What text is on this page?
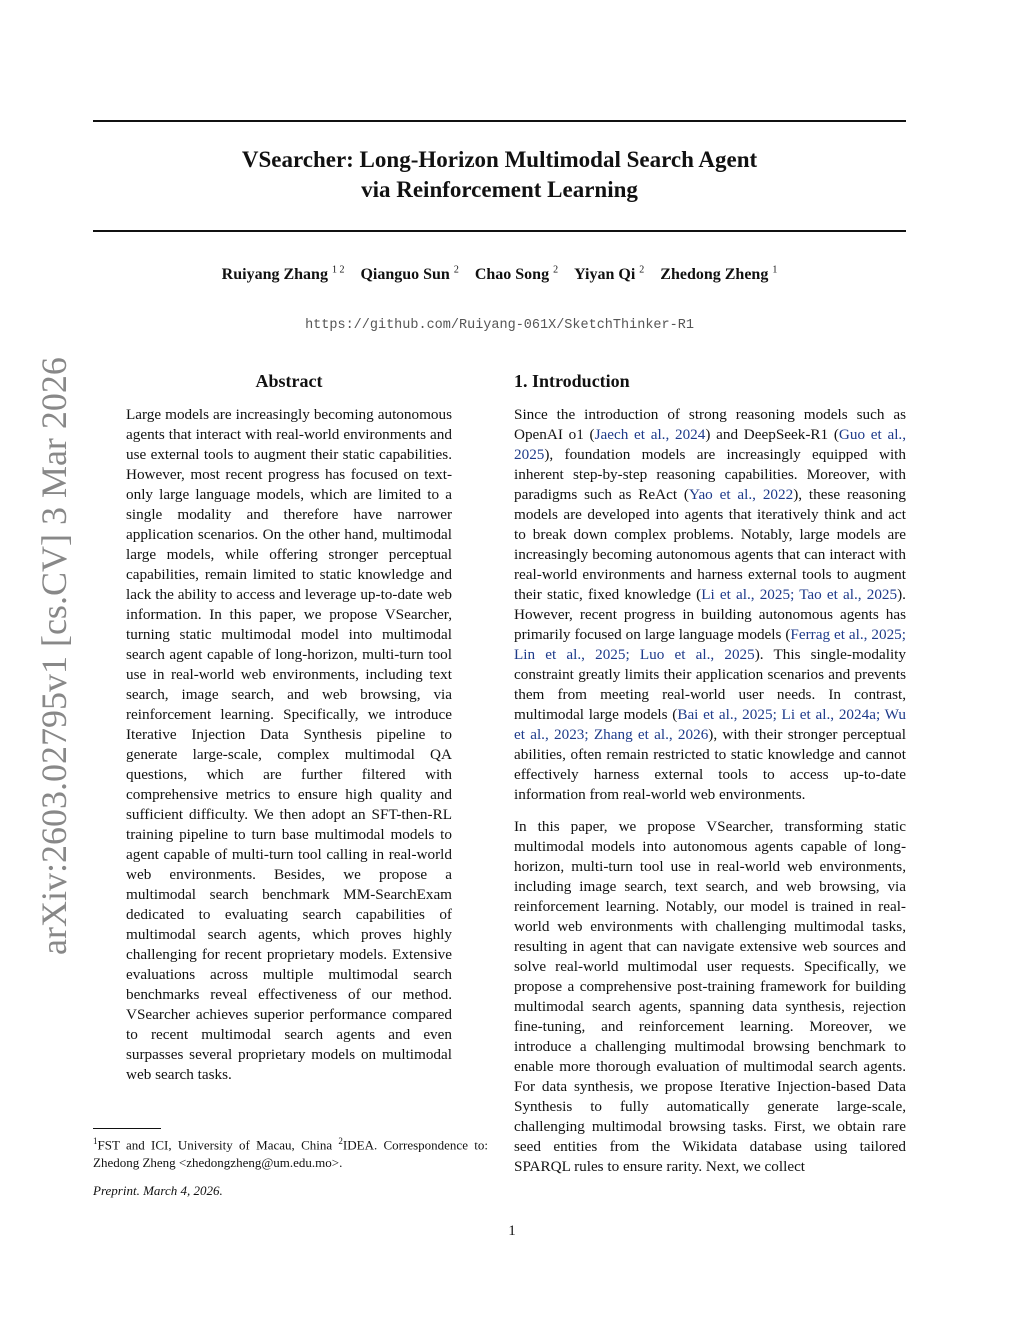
VSearcher: Long-Horizon Multimodal Search Agent
via Reinforcement Learning
Ruiyang Zhang $^{1 2}$ Qianguo Sun $^2$ Chao Song $^2$ Yiyan Qi $^2$ Zhedong Zheng $^1$
https://github.com/Ruiyang-061X/SketchThinker-R1
arXiv:2603.02795v1 [cs.CV] 3 Mar 2026	Abstract

Large models are increasingly becoming autonomous agents that interact with real-world environments and use external tools to augment their static capabilities. However, most recent progress has focused on text-only large language models, which are limited to a single modality and therefore have narrower application scenarios. On the other hand, multimodal large models, while offering stronger perceptual capabilities, remain limited to static knowledge and lack the ability to access and leverage up-to-date web information. In this paper, we propose VSearcher, turning static multimodal model into multimodal search agent capable of long-horizon, multi-turn tool use in real-world web environments, including text search, image search, and web browsing, via reinforcement learning. Specifically, we introduce Iterative Injection Data Synthesis pipeline to generate large-scale, complex multimodal QA questions, which are further filtered with comprehensive metrics to ensure high quality and sufficient difficulty. We then adopt an SFT-then-RL training pipeline to turn base multimodal models to agent capable of multi-turn tool calling in real-world web environments. Besides, we propose a multimodal search benchmark MM-SearchExam dedicated to evaluating search capabilities of multimodal search agents, which proves highly challenging for recent proprietary models. Extensive evaluations across multiple multimodal search benchmarks reveal effectiveness of our method. VSearcher achieves superior performance compared to recent multimodal search agents and even surpasses several proprietary models on multimodal web search tasks.

1. Introduction

Since the introduction of strong reasoning models such as OpenAI o1 (Jaech et al., 2024) and DeepSeek-R1 (Guo et al., 2025), foundation models are increasingly equipped with inherent step-by-step reasoning capabilities. Moreover, with paradigms such as ReAct (Yao et al., 2022), these reasoning models are developed into agents that iteratively think and act to break down complex problems. Notably, large models are increasingly becoming autonomous agents that can interact with real-world environments and harness external tools to augment their static, fixed knowledge (Li et al., 2025; Tao et al., 2025). However, recent progress in building autonomous agents has primarily focused on large language models (Ferrag et al., 2025; Lin et al., 2025; Luo et al., 2025). This single-modality constraint greatly limits their application scenarios and prevents them from meeting real-world user needs. In contrast, multimodal large models (Bai et al., 2025; Li et al., 2024a; Wu et al., 2023; Zhang et al., 2026), with their stronger perceptual abilities, often remain restricted to static knowledge and cannot effectively harness external tools to access up-to-date information from real-world web environments.

In this paper, we propose VSearcher, transforming static multimodal models into autonomous agents capable of long-horizon, multi-turn tool use in real-world web environments, including image search, text search, and web browsing, via reinforcement learning. Notably, our model is trained in real-world web environments with challenging multimodal tasks, resulting in agent that can navigate extensive web sources and solve real-world multimodal user requests. Specifically, we propose a comprehensive post-training framework for building multimodal search agents, spanning data synthesis, rejection fine-tuning, and reinforcement learning. Moreover, we introduce a challenging multimodal browsing benchmark to enable more thorough evaluation of multimodal search agents. For data synthesis, we propose Iterative Injection-based Data Synthesis to fully automatically generate large-scale, challenging multimodal browsing tasks. First, we obtain rare seed entities from the Wikidata database using tailored SPARQL rules to ensure rarity. Next, we collect

$^1$FST and ICI, University of Macau, China $^2$IDEA. Correspondence to: Zhedong Zheng <zhedongzheng@um.edu.mo>.
Preprint. March 4, 2026.
1
